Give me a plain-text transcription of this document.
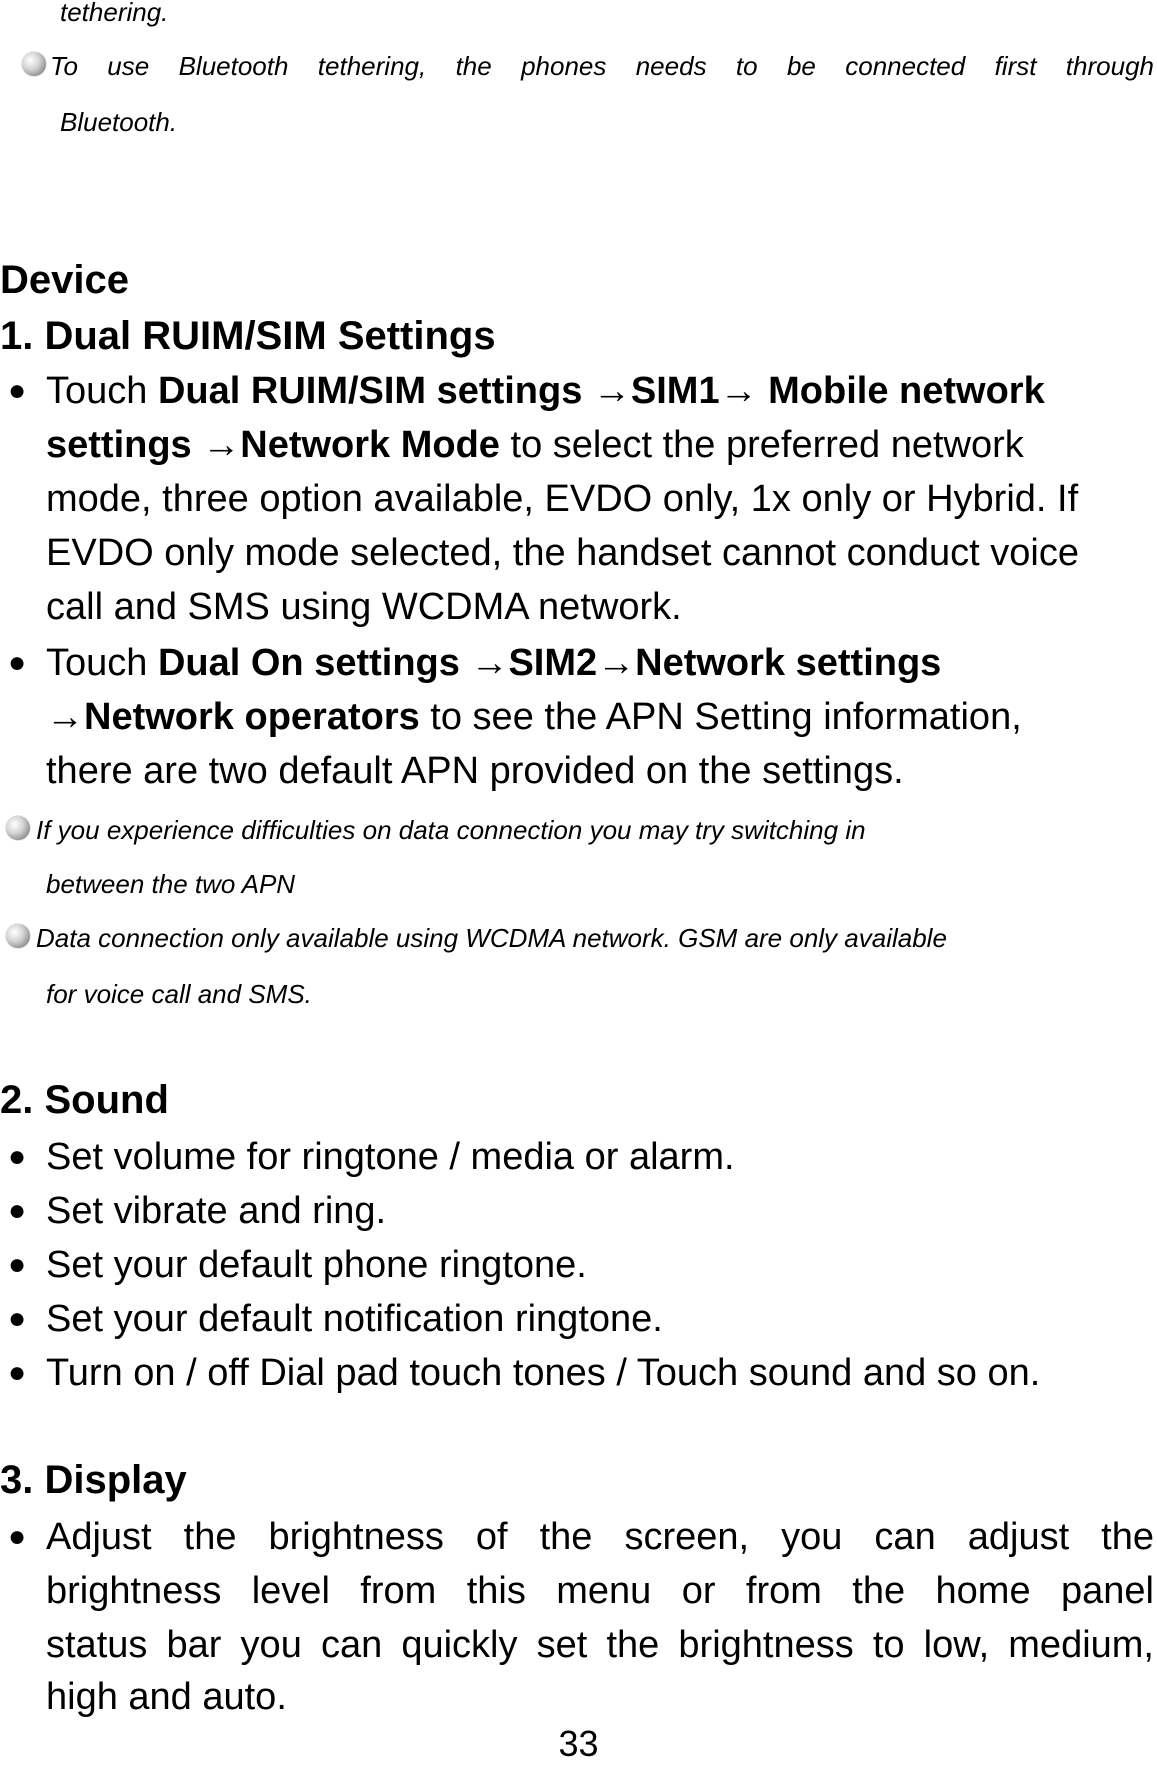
tethering.
To use Bluetooth tethering, the phones needs to be connected first through
Bluetooth.
Device
1. Dual RUIM/SIM Settings
● Touch Dual RUIM/SIM settings →SIM1→ Mobile network
settings →Network Mode to select the preferred network
mode, three option available, EVDO only, 1x only or Hybrid. If
EVDO only mode selected, the handset cannot conduct voice
call and SMS using WCDMA network.
● Touch Dual On settings →SIM2→Network settings
→Network operators to see the APN Setting information,
there are two default APN provided on the settings.
If you experience difficulties on data connection you may try switching in
between the two APN
Data connection only available using WCDMA network. GSM are only available
for voice call and SMS.
2. Sound
● Set volume for ringtone / media or alarm.
● Set vibrate and ring.
● Set your default phone ringtone.
● Set your default notification ringtone.
● Turn on / off Dial pad touch tones / Touch sound and so on.
3. Display
● Adjust the brightness of the screen, you can adjust the
brightness level from this menu or from the home panel
status bar you can quickly set the brightness to low, medium,
high and auto.
33
